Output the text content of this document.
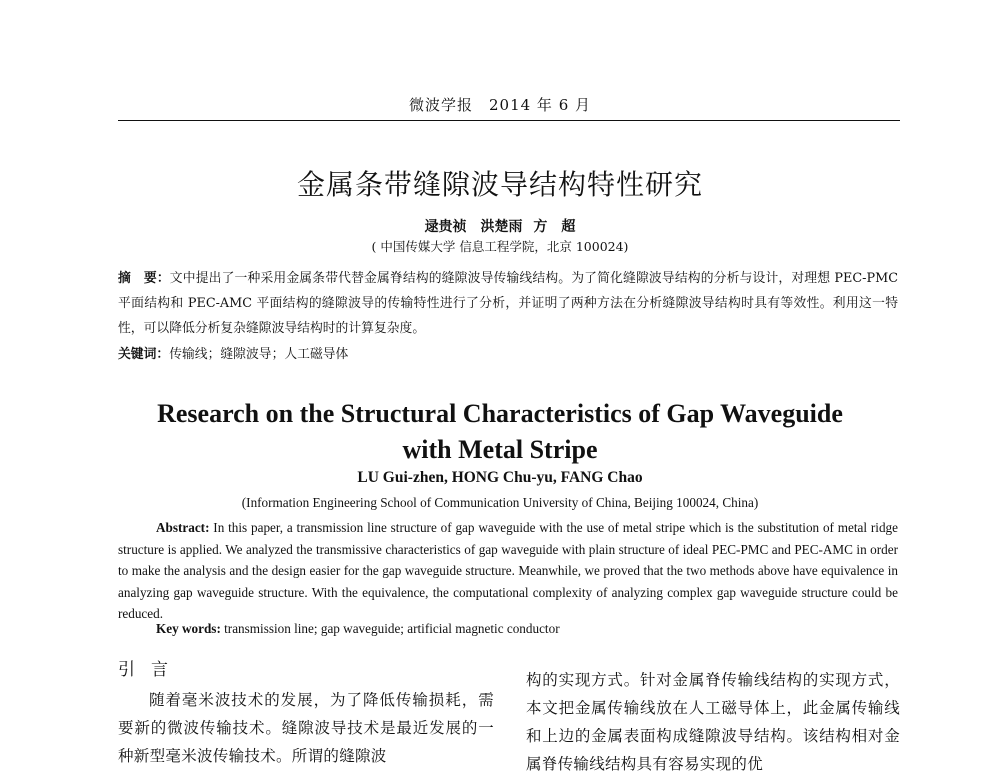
微波学报　2014 年 6 月
金属条带缝隙波导结构特性研究
逯贵祯　洪楚雨 方　超
( 中国传媒大学 信息工程学院，北京 100024)
摘　要：文中提出了一种采用金属条带代替金属脊结构的缝隙波导传输线结构。为了简化缝隙波导结构的分析与设计，对理想 PEC-PMC 平面结构和 PEC-AMC 平面结构的缝隙波导的传输特性进行了分析，并证明了两种方法在分析缝隙波导结构时具有等效性。利用这一特性，可以降低分析复杂缝隙波导结构时的计算复杂度。
关键词：传输线；缝隙波导；人工磁导体
Research on the Structural Characteristics of Gap Waveguide
with Metal Stripe
LU Gui-zhen, HONG Chu-yu, FANG Chao
(Information Engineering School of Communication University of China, Beijing 100024, China)
Abstract: In this paper, a transmission line structure of gap waveguide with the use of metal stripe which is the substitution of metal ridge structure is applied. We analyzed the transmissive characteristics of gap waveguide with plain structure of ideal PEC-PMC and PEC-AMC in order to make the analysis and the design easier for the gap waveguide structure. Meanwhile, we proved that the two methods above have equivalence in analyzing gap waveguide structure. With the equivalence, the computational complexity of analyzing complex gap waveguide structure could be reduced.
Key words: transmission line; gap waveguide; artificial magnetic conductor
引言
随着毫米波技术的发展，为了降低传输损耗，需要新的微波传输技术。缝隙波导技术是最近发展的一种新型毫米波传输技术。所谓的缝隙波
构的实现方式。针对金属脊传输线结构的实现方式，本文把金属传输线放在人工磁导体上，此金属传输线和上边的金属表面构成缝隙波导结构。该结构相对金属脊传输线结构具有容易实现的优
